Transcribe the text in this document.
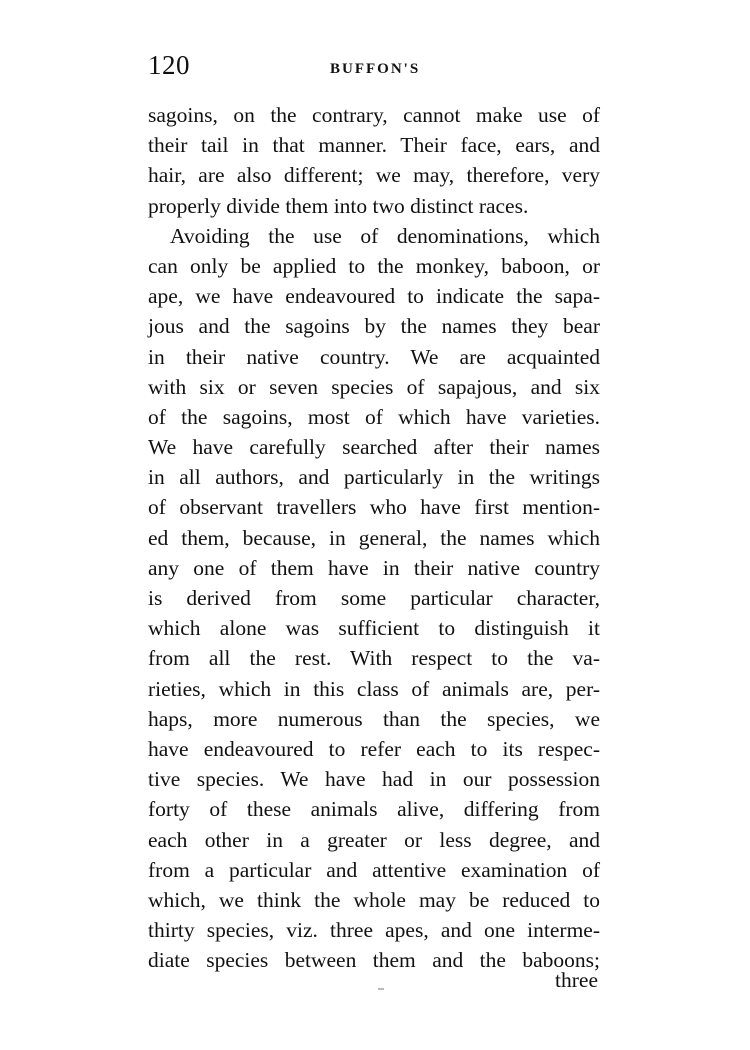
120	BUFFON'S
sagoins, on the contrary, cannot make use of
their tail in that manner. Their face, ears, and
hair, are also different; we may, therefore, very
properly divide them into two distinct races.
Avoiding the use of denominations, which
can only be applied to the monkey, baboon, or
ape, we have endeavoured to indicate the sapa-
jous and the sagoins by the names they bear
in their native country. We are acquainted
with six or seven species of sapajous, and six
of the sagoins, most of which have varieties.
We have carefully searched after their names
in all authors, and particularly in the writings
of observant travellers who have first mention-
ed them, because, in general, the names which
any one of them have in their native country
is derived from some particular character,
which alone was sufficient to distinguish it
from all the rest. With respect to the va-
rieties, which in this class of animals are, per-
haps, more numerous than the species, we
have endeavoured to refer each to its respec-
tive species. We have had in our possession
forty of these animals alive, differing from
each other in a greater or less degree, and
from a particular and attentive examination of
which, we think the whole may be reduced to
thirty species, viz. three apes, and one interme-
diate species between them and the baboons;
three
